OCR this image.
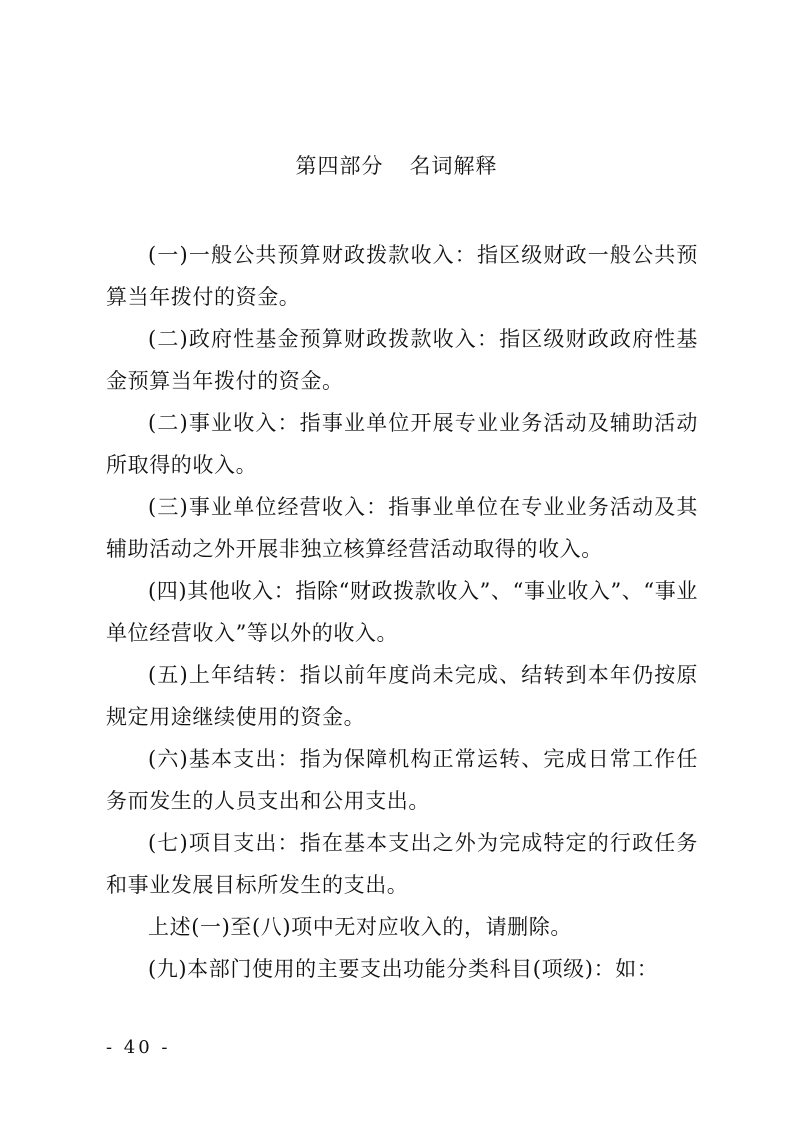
第四部分 名词解释

(一)一般公共预算财政拨款收入：指区级财政一般公共预算当年拨付的资金。

(二)政府性基金预算财政拨款收入：指区级财政政府性基金预算当年拨付的资金。

(二)事业收入：指事业单位开展专业业务活动及辅助活动所取得的收入。

(三)事业单位经营收入：指事业单位在专业业务活动及其辅助活动之外开展非独立核算经营活动取得的收入。

(四)其他收入：指除“财政拨款收入”、“事业收入”、“事业单位经营收入”等以外的收入。

(五)上年结转：指以前年度尚未完成、结转到本年仍按原规定用途继续使用的资金。

(六)基本支出：指为保障机构正常运转、完成日常工作任务而发生的人员支出和公用支出。

(七)项目支出：指在基本支出之外为完成特定的行政任务和事业发展目标所发生的支出。

上述(一)至(八)项中无对应收入的，请删除。

(九)本部门使用的主要支出功能分类科目(项级)：如：

- 40 -
